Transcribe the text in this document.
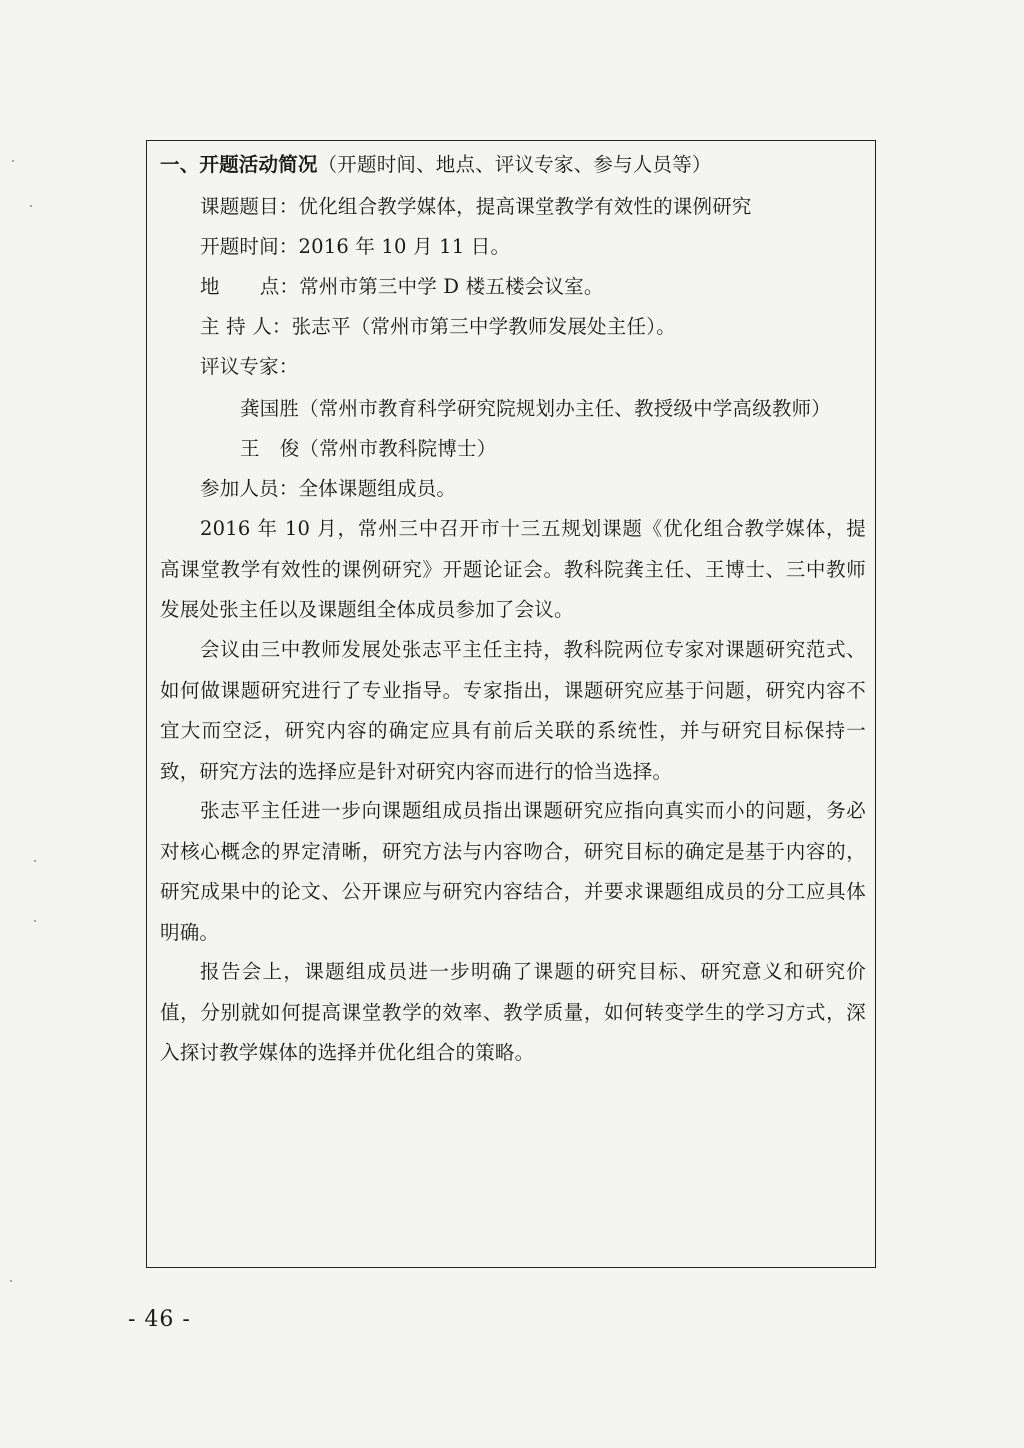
一、开题活动简况（开题时间、地点、评议专家、参与人员等）
课题题目：优化组合教学媒体，提高课堂教学有效性的课例研究
开题时间：2016 年 10 月 11 日。
地 点：常州市第三中学 D 楼五楼会议室。
主 持 人：张志平（常州市第三中学教师发展处主任）。
评议专家：
龚国胜（常州市教育科学研究院规划办主任、教授级中学高级教师）
王 俊（常州市教科院博士）
参加人员：全体课题组成员。
2016 年 10 月，常州三中召开市十三五规划课题《优化组合教学媒体，提高课堂教学有效性的课例研究》开题论证会。教科院龚主任、王博士、三中教师发展处张主任以及课题组全体成员参加了会议。
会议由三中教师发展处张志平主任主持，教科院两位专家对课题研究范式、如何做课题研究进行了专业指导。专家指出，课题研究应基于问题，研究内容不宜大而空泛，研究内容的确定应具有前后关联的系统性，并与研究目标保持一致，研究方法的选择应是针对研究内容而进行的恰当选择。
张志平主任进一步向课题组成员指出课题研究应指向真实而小的问题，务必对核心概念的界定清晰，研究方法与内容吻合，研究目标的确定是基于内容的，研究成果中的论文、公开课应与研究内容结合，并要求课题组成员的分工应具体明确。
报告会上，课题组成员进一步明确了课题的研究目标、研究意义和研究价值，分别就如何提高课堂教学的效率、教学质量，如何转变学生的学习方式，深入探讨教学媒体的选择并优化组合的策略。
- 46 -
